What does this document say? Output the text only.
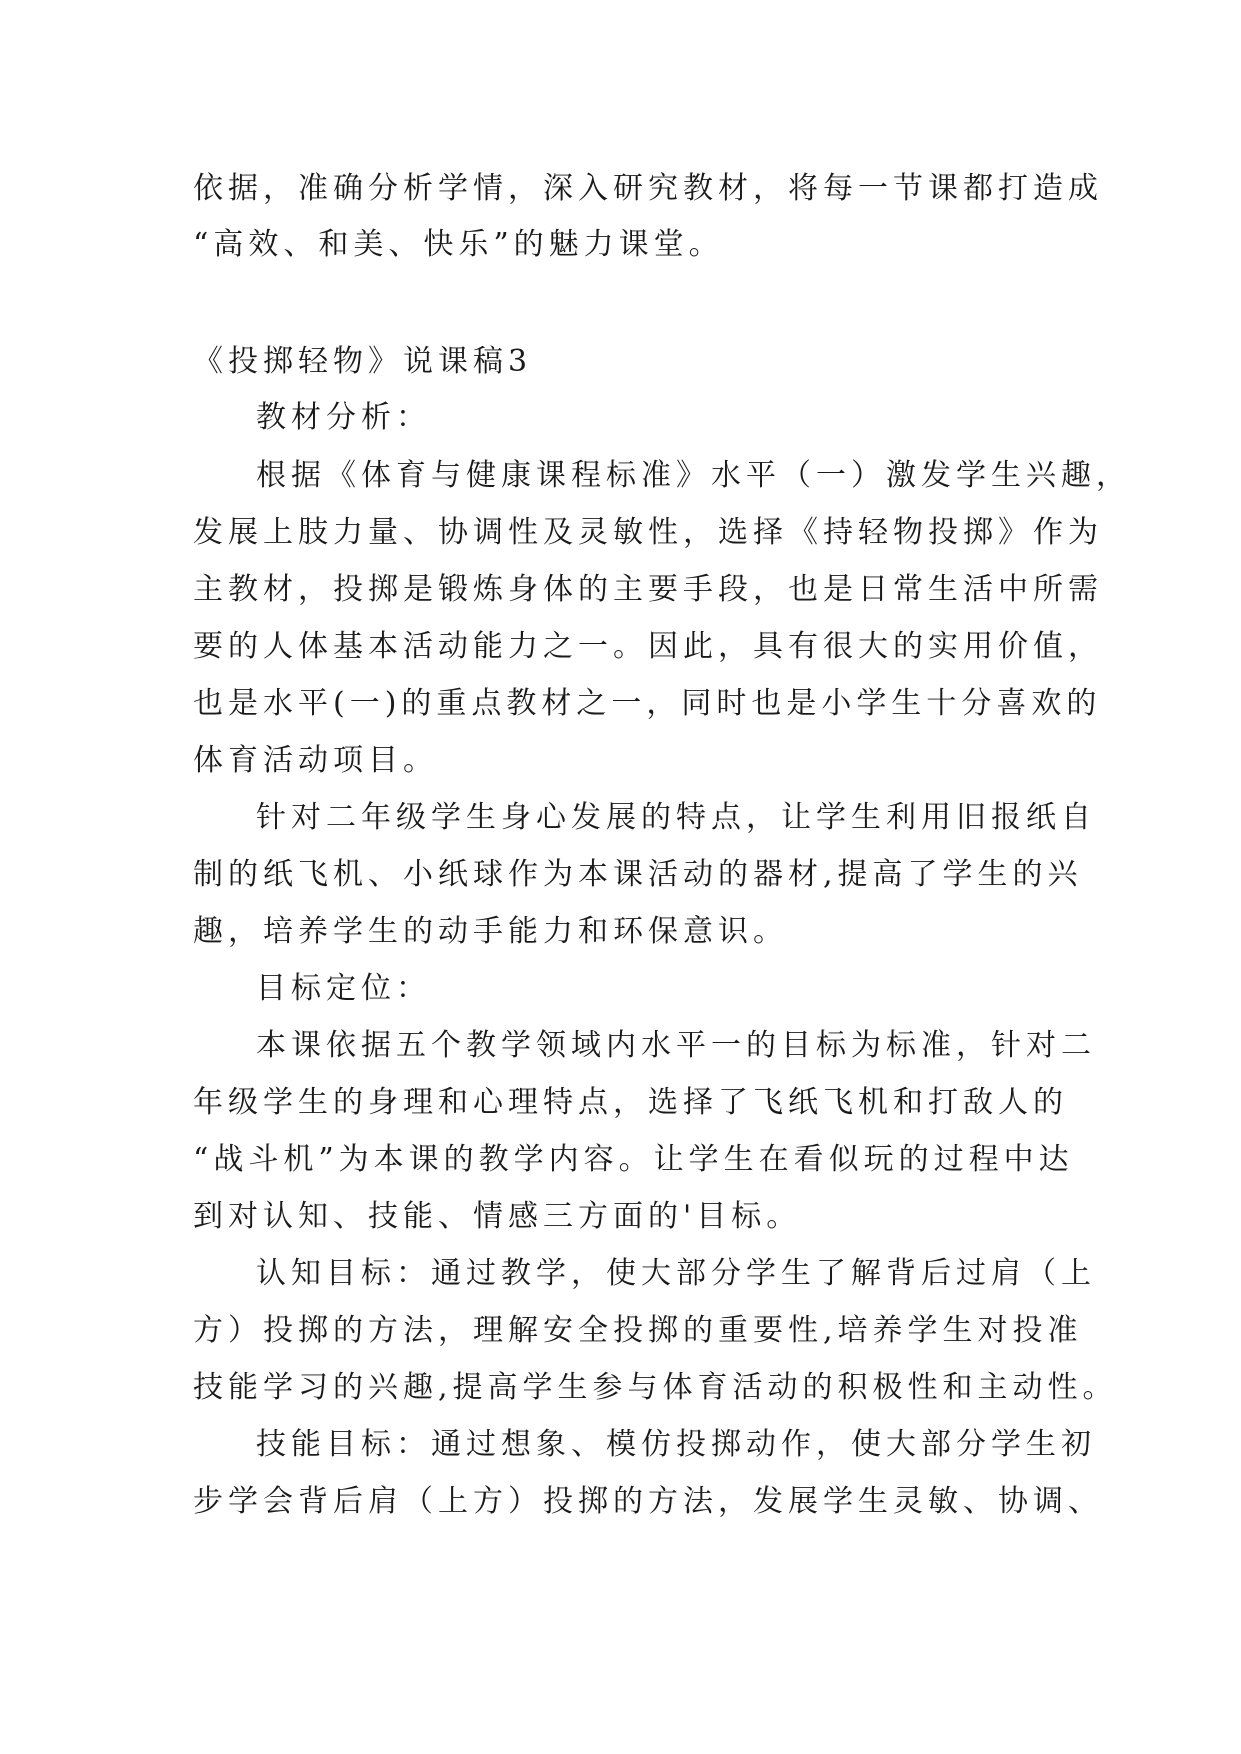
依据，准确分析学情，深入研究教材，将每一节课都打造成
“高效、和美、快乐”的魅力课堂。
《投掷轻物》说课稿3
教材分析：
根据《体育与健康课程标准》水平（一）激发学生兴趣，
发展上肢力量、协调性及灵敏性，选择《持轻物投掷》作为
主教材，投掷是锻炼身体的主要手段，也是日常生活中所需
要的人体基本活动能力之一。因此，具有很大的实用价值，
也是水平(一)的重点教材之一，同时也是小学生十分喜欢的
体育活动项目。
针对二年级学生身心发展的特点，让学生利用旧报纸自
制的纸飞机、小纸球作为本课活动的器材,提高了学生的兴
趣，培养学生的动手能力和环保意识。
目标定位：
本课依据五个教学领域内水平一的目标为标准，针对二
年级学生的身理和心理特点，选择了飞纸飞机和打敌人的
“战斗机”为本课的教学内容。让学生在看似玩的过程中达
到对认知、技能、情感三方面的'目标。
认知目标：通过教学，使大部分学生了解背后过肩（上
方）投掷的方法，理解安全投掷的重要性,培养学生对投准
技能学习的兴趣,提高学生参与体育活动的积极性和主动性。
技能目标：通过想象、模仿投掷动作，使大部分学生初
步学会背后肩（上方）投掷的方法，发展学生灵敏、协调、
